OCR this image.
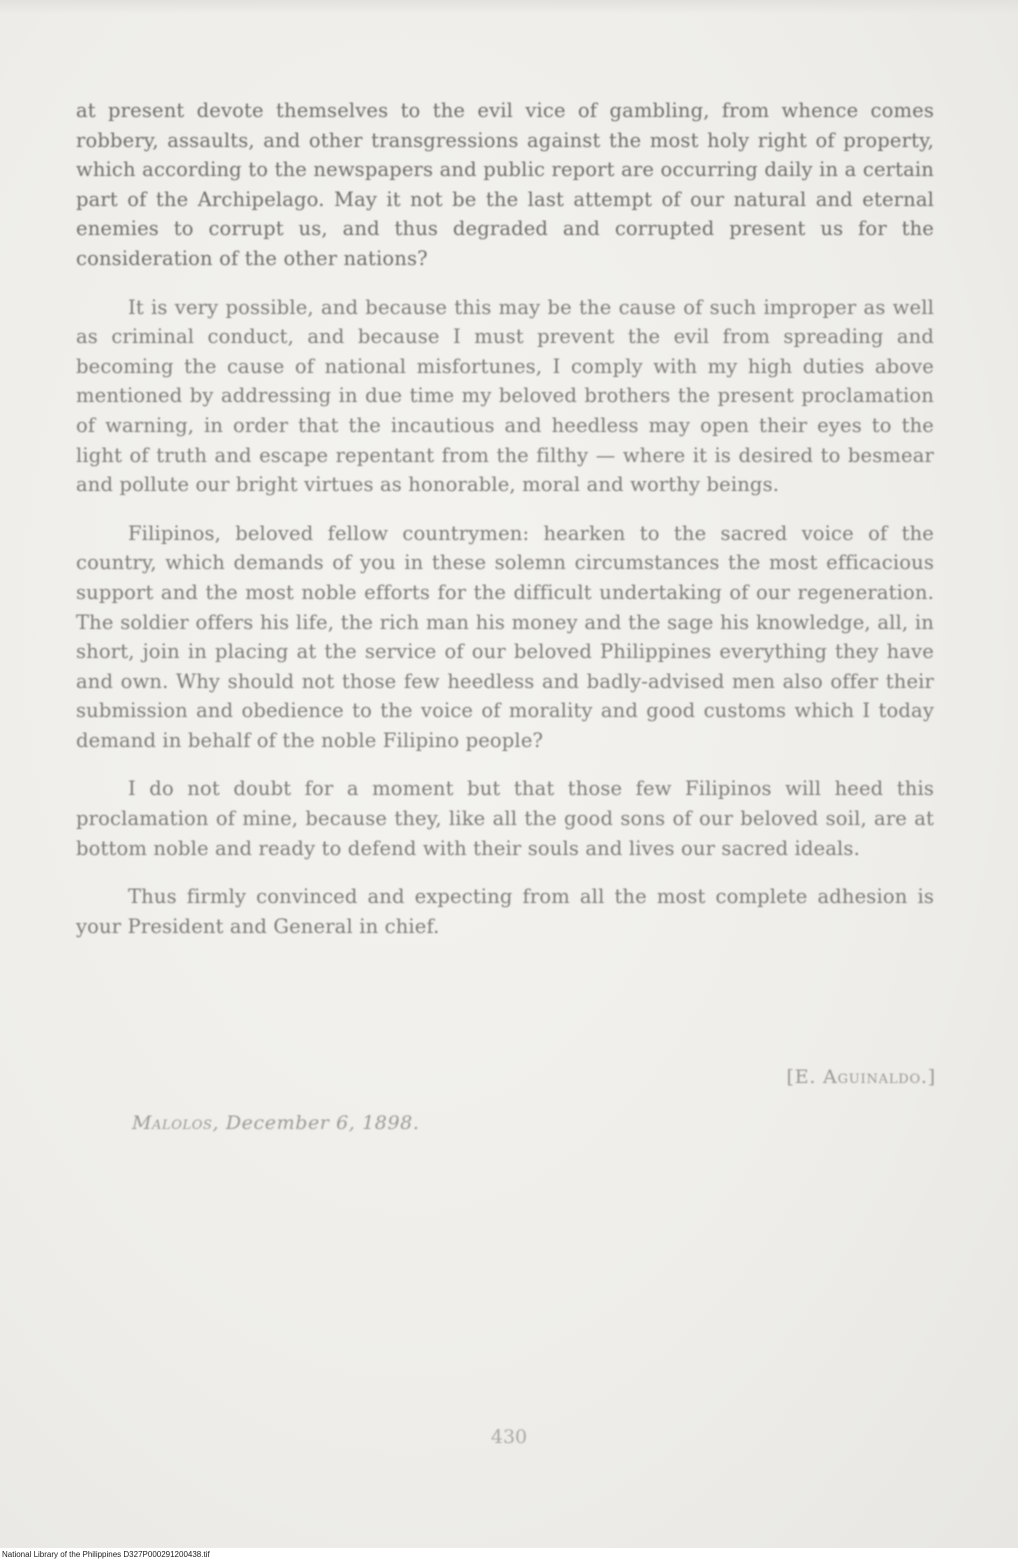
at present devote themselves to the evil vice of gambling, from whence comes robbery, assaults, and other transgressions against the most holy right of property, which according to the newspapers and public report are occurring daily in a certain part of the Archipelago. May it not be the last attempt of our natural and eternal enemies to corrupt us, and thus degraded and corrupted present us for the consideration of the other nations?

It is very possible, and because this may be the cause of such improper as well as criminal conduct, and because I must prevent the evil from spreading and becoming the cause of national misfortunes, I comply with my high duties above mentioned by addressing in due time my beloved brothers the present proclamation of warning, in order that the incautious and heedless may open their eyes to the light of truth and escape repentant from the filthy — where it is desired to besmear and pollute our bright virtues as honorable, moral and worthy beings.

Filipinos, beloved fellow countrymen: hearken to the sacred voice of the country, which demands of you in these solemn circumstances the most efficacious support and the most noble efforts for the difficult undertaking of our regeneration. The soldier offers his life, the rich man his money and the sage his knowledge, all, in short, join in placing at the service of our beloved Philippines everything they have and own. Why should not those few heedless and badly-advised men also offer their submission and obedience to the voice of morality and good customs which I today demand in behalf of the noble Filipino people?

I do not doubt for a moment but that those few Filipinos will heed this proclamation of mine, because they, like all the good sons of our beloved soil, are at bottom noble and ready to defend with their souls and lives our sacred ideals.

Thus firmly convinced and expecting from all the most complete adhesion is your President and General in chief.

[E. Aguinaldo.]
Malolos, December 6, 1898.
430
National Library of the Philippines D327P000291200438.tif
